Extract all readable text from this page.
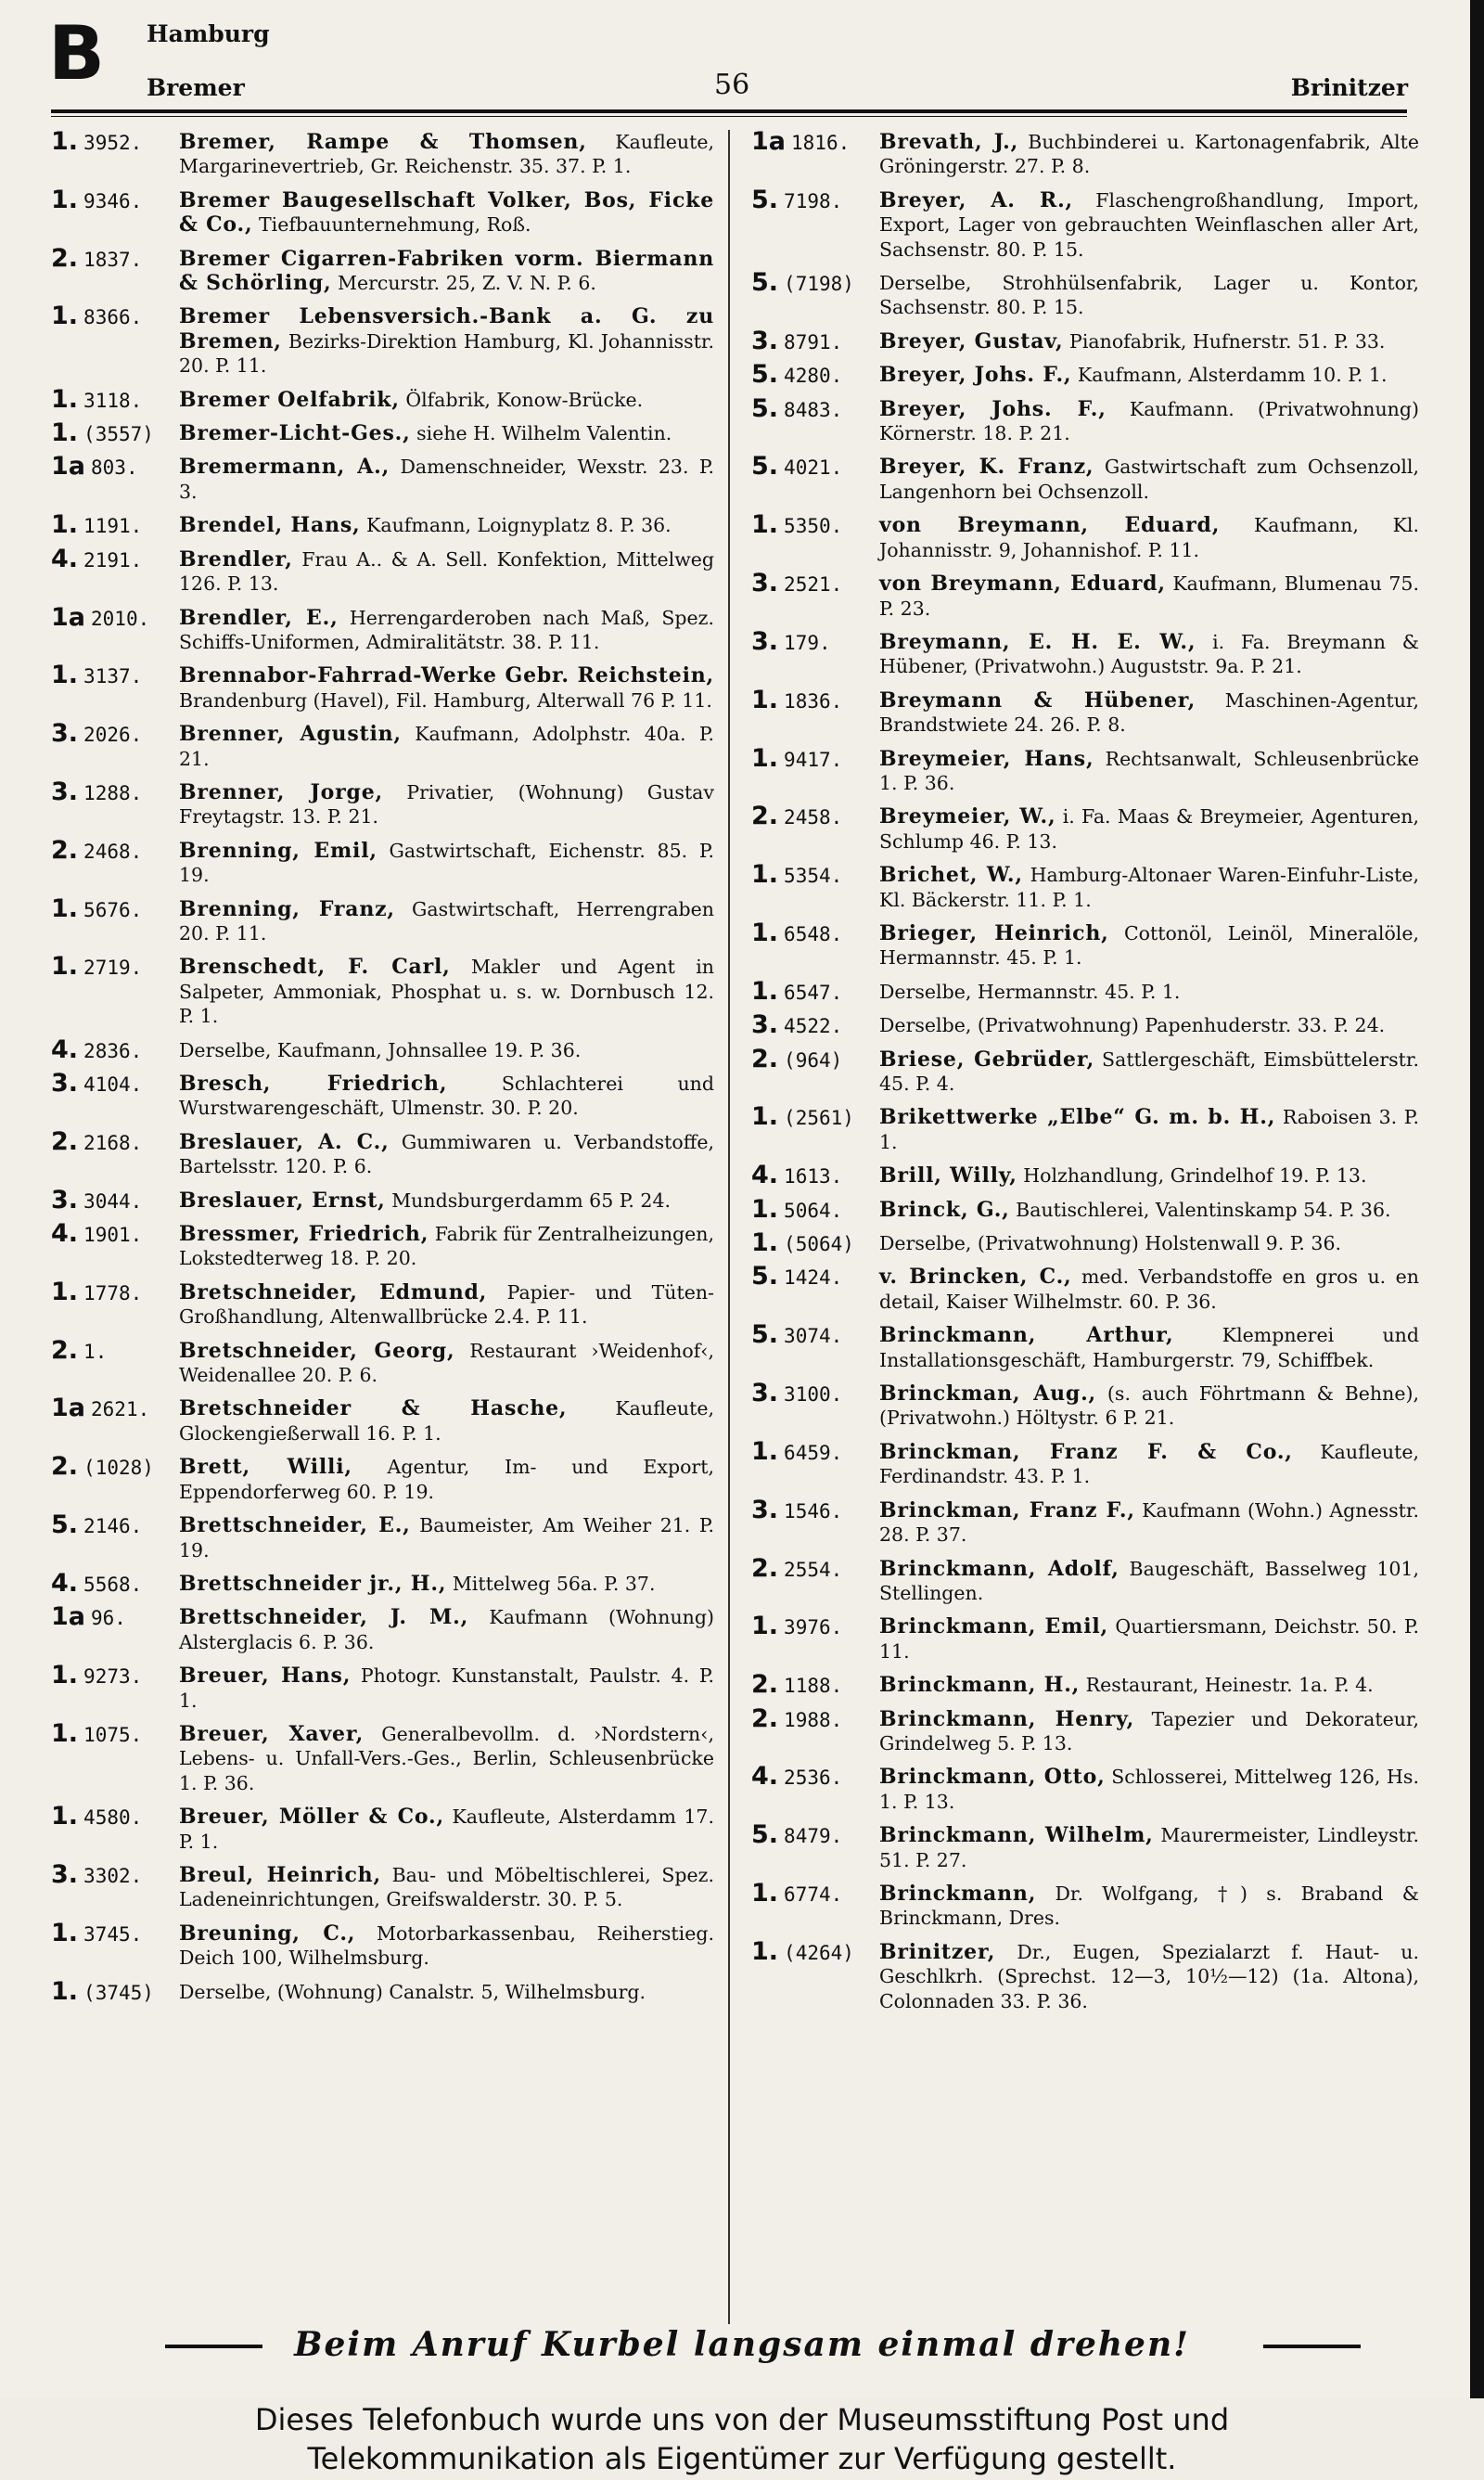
B Hamburg
Bremer	56	Brinitzer
1. 3952. Bremer, Rampe & Thomsen, Kaufleute, Margarinevertrieb, Gr. Reichenstr. 35. 37. P. 1.
1. 9346. Bremer Baugesellschaft Volker, Bos, Ficke & Co., Tiefbauunternehmung, Roß.
2. 1837. Bremer Cigarren-Fabriken vorm. Biermann & Schörling, Mercurstr. 25, Z. V. N. P. 6.
1. 8366. Bremer Lebensversich.-Bank a. G. zu Bremen, Bezirks-Direktion Hamburg, Kl. Johannisstr. 20. P. 11.
1. 3118. Bremer Oelfabrik, Ölfabrik, Konow-Brücke.
1. (3557) Bremer-Licht-Ges., siehe H. Wilhelm Valentin.
1a 803. Bremermann, A., Damenschneider, Wexstr. 23. P. 3.
1. 1191. Brendel, Hans, Kaufmann, Loignyplatz 8. P. 36.
4. 2191. Brendler, Frau A.. & A. Sell. Konfektion, Mittelweg 126. P. 13.
1a 2010. Brendler, E., Herrengarderoben nach Maß, Spez. Schiffs-Uniformen, Admiralitätstr. 38. P. 11.
1. 3137. Brennabor-Fahrrad-Werke Gebr. Reichstein, Brandenburg (Havel), Fil. Hamburg, Alterwall 76 P. 11.
3. 2026. Brenner, Agustin, Kaufmann, Adolphstr. 40a. P. 21.
3. 1288. Brenner, Jorge, Privatier, (Wohnung) Gustav Freytagstr. 13. P. 21.
2. 2468. Brenning, Emil, Gastwirtschaft, Eichenstr. 85. P. 19.
1. 5676. Brenning, Franz, Gastwirtschaft, Herrengraben 20. P. 11.
1. 2719. Brenschedt, F. Carl, Makler und Agent in Salpeter, Ammoniak, Phosphat u. s. w. Dornbusch 12. P. 1.
4. 2836. Derselbe, Kaufmann, Johnsallee 19. P. 36.
3. 4104. Bresch, Friedrich,	Schlachterei und Wurstwarengeschäft, Ulmenstr. 30. P. 20.
2. 2168. Breslauer, A. C., Gummiwaren u. Verbandstoffe, Bartelsstr. 120. P. 6.
3. 3044. Breslauer, Ernst, Mundsburgerdamm 65 P. 24.
4. 1901. Bressmer, Friedrich, Fabrik für Zentralheizungen, Lokstedterweg 18. P. 20.
1. 1778. Bretschneider, Edmund, Papier- und Tüten-Großhandlung, Altenwallbrücke 2.4. P. 11.
2. 1.	Bretschneider, Georg, Restaurant ›Weidenhof‹, Weidenallee 20. P. 6.
1a 2621. Bretschneider & Hasche,	Kaufleute, Glockengießerwall 16. P. 1.
2. (1028) Brett, Willi, Agentur, Im- und Export, Eppendorferweg 60. P. 19.
5. 2146. Brettschneider, E., Baumeister, Am Weiher 21. P. 19.
4. 5568. Brettschneider jr., H., Mittelweg 56a. P. 37.
1a 96.	Brettschneider, J. M., Kaufmann (Wohnung) Alsterglacis 6. P. 36.
1. 9273. Breuer, Hans, Photogr. Kunstanstalt, Paulstr. 4. P. 1.
1. 1075. Breuer, Xaver, Generalbevollm. d. ›Nordstern‹, Lebens- u. Unfall-Vers.-Ges., Berlin, Schleusenbrücke 1. P. 36.
1. 4580. Breuer, Möller & Co., Kaufleute, Alsterdamm 17. P. 1.
3. 3302. Breul, Heinrich, Bau- und Möbeltischlerei, Spez. Ladeneinrichtungen, Greifswalderstr. 30. P. 5.
1. 3745. Breuning, C., Motorbarkassenbau, Reiherstieg. Deich 100, Wilhelmsburg.
1. (3745) Derselbe, (Wohnung) Canalstr. 5, Wilhelmsburg.
1a 1816. Brevath, J., Buchbinderei u. Kartonagenfabrik, Alte Gröningerstr. 27. P. 8.
5. 7198. Breyer, A. R., Flaschengroßhandlung, Import, Export, Lager von gebrauchten Weinflaschen aller Art, Sachsenstr. 80. P. 15.
5. (7198) Derselbe, Strohhülsenfabrik, Lager u. Kontor, Sachsenstr. 80. P. 15.
3. 8791. Breyer, Gustav, Pianofabrik, Hufnerstr. 51. P. 33.
5. 4280. Breyer, Johs. F., Kaufmann, Alsterdamm 10. P. 1.
5. 8483. Breyer, Johs. F., Kaufmann. (Privatwohnung) Körnerstr. 18. P. 21.
5. 4021. Breyer, K. Franz, Gastwirtschaft zum Ochsenzoll, Langenhorn bei Ochsenzoll.
1. 5350. von Breymann, Eduard, Kaufmann, Kl. Johannisstr. 9, Johannishof. P. 11.
3. 2521. von Breymann, Eduard, Kaufmann, Blumenau 75. P. 23.
3. 179. Breymann, E. H. E. W., i. Fa. Breymann & Hübener, (Privatwohn.) Auguststr. 9a. P. 21.
1. 1836. Breymann & Hübener, Maschinen-Agentur, Brandstwiete 24. 26. P. 8.
1. 9417. Breymeier, Hans, Rechtsanwalt, Schleusenbrücke 1. P. 36.
2. 2458. Breymeier, W., i. Fa. Maas & Breymeier, Agenturen, Schlump 46. P. 13.
1. 5354. Brichet, W., Hamburg-Altonaer Waren-Einfuhr-Liste, Kl. Bäckerstr. 11. P. 1.
1. 6548. Brieger, Heinrich, Cottonöl, Leinöl, Mineralöle, Hermannstr. 45. P. 1.
1. 6547. Derselbe, Hermannstr. 45. P. 1.
3. 4522. Derselbe, (Privatwohnung) Papenhuderstr. 33. P. 24.
2. (964) Briese, Gebrüder, Sattlergeschäft, Eimsbüttelerstr. 45. P. 4.
1. (2561) Brikettwerke „Elbe“ G. m. b. H., Raboisen 3. P. 1.
4. 1613. Brill, Willy, Holzhandlung, Grindelhof 19. P. 13.
1. 5064. Brinck, G., Bautischlerei, Valentinskamp 54. P. 36.
1. (5064) Derselbe, (Privatwohnung) Holstenwall 9. P. 36.
5. 1424. v. Brincken, C., med. Verbandstoffe en gros u. en detail, Kaiser Wilhelmstr. 60. P. 36.
5. 3074. Brinckmann, Arthur,	Klempnerei und Installationsgeschäft, Hamburgerstr. 79, Schiffbek.
3. 3100. Brinckman, Aug., (s. auch Föhrtmann & Behne), (Privatwohn.) Höltystr. 6 P. 21.
1. 6459. Brinckman, Franz F. & Co., Kaufleute, Ferdinandstr. 43. P. 1.
3. 1546. Brinckman, Franz F., Kaufmann (Wohn.) Agnesstr. 28. P. 37.
2. 2554. Brinckmann, Adolf, Baugeschäft, Basselweg 101, Stellingen.
1. 3976. Brinckmann, Emil, Quartiersmann, Deichstr. 50. P. 11.
2. 1188. Brinckmann, H., Restaurant, Heinestr. 1a. P. 4.
2. 1988. Brinckmann, Henry, Tapezier und Dekorateur, Grindelweg 5. P. 13.
4. 2536. Brinckmann, Otto, Schlosserei, Mittelweg 126, Hs. 1. P. 13.
5. 8479. Brinckmann, Wilhelm, Maurermeister, Lindleystr. 51. P. 27.
1. 6774. Brinckmann, Dr. Wolfgang, †) s. Braband & Brinckmann, Dres.
1. (4264) Brinitzer, Dr., Eugen, Spezialarzt f. Haut- u. Geschlkrh. (Sprechst. 12—3, 10½—12) (1a. Altona), Colonnaden 33. P. 36.
Beim Anruf Kurbel langsam einmal drehen!
Dieses Telefonbuch wurde uns von der Museumsstiftung Post und
Telekommunikation als Eigentümer zur Verfügung gestellt.
